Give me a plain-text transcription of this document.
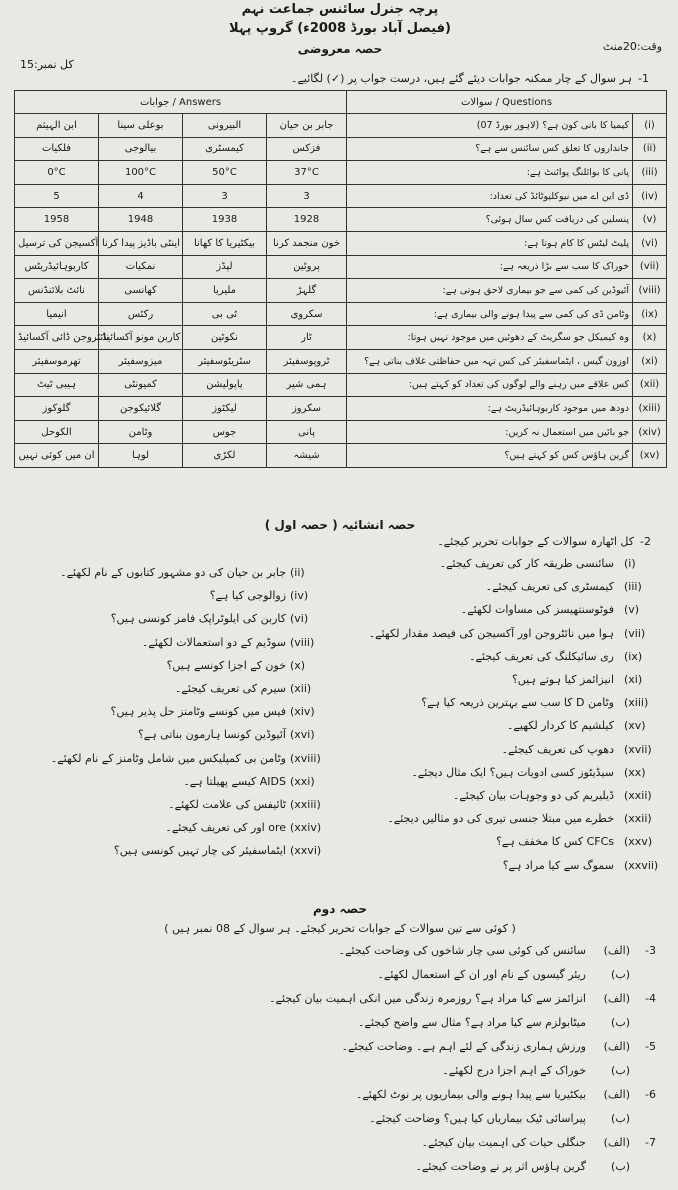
پرچہ جنرل سائنس جماعت نہم
(فیصل آباد بورڈ 2008ء) گروپ پہلا
حصہ معروضی	وقت:20منٹ
کل نمبر:15
-1
ہر سوال کے چار ممکنہ جوابات دیئے گئے ہیں، درست جواب پر (✓) لگائیے۔
جوابات / Answers				سوالات / Questions	
ابن الہیثم	بوعلی سینا	البیرونی	جابر بن حیان	کیمیا کا بانی کون ہے؟ (لاہور بورڈ 07)	(i)
فلکیات	بیالوجی	کیمسٹری	فزکس	جانداروں کا تعلق کس سائنس سے ہے؟	(ii)
0°C	100°C	50°C	37°C	پانی کا بوائلنگ پوائنٹ ہے:	(iii)
5	4	3	3	ڈی این اے میں نیوکلیوٹائڈ کی تعداد:	(iv)
1958	1948	1938	1928	پنسلین کی دریافت کس سال ہوئی؟	(v)
آکسیجن کی ترسیل	اینٹی باڈیز پیدا کرنا	بیکٹیریا کا کھانا	خون منجمد کرنا	پلیٹ لیٹس کا کام ہوتا ہے:	(vi)
کاربوہائیڈریٹس	نمکیات	لپڈز	پروٹین	خوراک کا سب سے بڑا ذریعہ ہے:	(vii)
نائٹ بلائنڈنس	کھانسی	ملیریا	گلہڑ	آئیوڈین کی کمی سے جو بیماری لاحق ہوتی ہے:	(viii)
انیمیا	رکٹس	ٹی بی	سکروی	وٹامن ڈی کی کمی سے پیدا ہونے والی بیماری ہے:	(ix)
نائٹروجن ڈائی آکسائیڈ	کاربن مونو آکسائیڈ	نکوٹین	ٹار	وہ کیمیکل جو سگریٹ کے دھوئیں میں موجود نہیں ہوتا:	(x)
تھرموسفیئر	میزوسفیئر	سٹریٹوسفیئر	ٹروپوسفیئر	اوزون گیس ، ایٹماسفیئر کی کس تہہ میں حفاظتی غلاف بناتی ہے؟	(xi)
ہیبی ٹیٹ	کمیونٹی	پاپولیشن	ہمی شیر	کس علاقے میں رہنے والے لوگوں کی تعداد کو کہتے ہیں:	(xii)
گلوکوز	گلائیکوجن	لیکٹوز	سکروز	دودھ میں موجود کاربوہائیڈریٹ ہے:	(xiii)
الکوحل	وٹامن	جوس	پانی	جو بائیں میں استعمال نہ کریں:	(xiv)
ان میں کوئی نہیں	لوہا	لکڑی	شیشہ	گرین ہاؤس کس کو کہتے ہیں؟	(xv)
حصہ انشائیہ ( حصہ اول )
-2
کل اٹھارہ سوالات کے جوابات تحریر کیجئے۔
(i)
سائنسی طریقہ کار کی تعریف کیجئے۔
(iii)
کیمسٹری کی تعریف کیجئے۔
(v)
فوٹوسنتھیسز کی مساوات لکھئے۔
(vii)
ہوا میں نائٹروجن اور آکسیجن کی فیصد مقدار لکھئے۔
(ix)
ری سائیکلنگ کی تعریف کیجئے۔
(xi)
انیزائمز کیا ہوتے ہیں؟
(xiii)
وٹامن D کا سب سے بہترین ذریعہ کیا ہے؟
(xv)
کیلشیم کا کردار لکھیے۔
(xvii)
دھوپ کی تعریف کیجئے۔
(xx)
سیڈیٹوز کسی ادویات ہیں؟ ایک مثال دیجئے۔
(xxii)
ڈیلیریم کی دو وجوہات بیان کیجئے۔
(xxii)
خطرے میں مبتلا جنسی تیری کی دو مثالیں دیجئے۔
(xxv)
CFCs کس کا مخفف ہے؟
(xxvii)
سموگ سے کیا مراد ہے؟
(ii)
جابر بن حیان کی دو مشہور کتابوں کے نام لکھئے۔
(iv)
زوالوجی کیا ہے؟
(vi)
کاربن کی ایلوٹراپک فامز کونسی ہیں؟
(viii)
سوڈیم کے دو استعمالات لکھئے۔
(x)
خون کے اجزا کونسے ہیں؟
(xii)
سیرم کی تعریف کیجئے۔
(xiv)
فیس میں کونسے وٹامنز حل پذیر ہیں؟
(xvi)
آئیوڈین کونسا ہارمون بناتی ہے؟
(xviii)
وٹامن بی کمپلیکس میں شامل وٹامنز کے نام لکھئے۔
(xxi)
AIDS کیسے پھیلتا ہے۔
(xxiii)
ٹائیفس کی علامت لکھئے۔
(xxiv)
ore اور کی تعریف کیجئے۔
(xxvi)
ایٹماسفیئر کی چار تہیں کونسی ہیں؟
حصہ دوم
( کوئی سے تین سوالات کے جوابات تحریر کیجئے۔ ہر سوال کے 08 نمبر ہیں )
-3
(الف)
سائنس کی کوئی سی چار شاخوں کی وضاحت کیجئے۔
(ب)
ریئر گیسوں کے نام اور ان کے استعمال لکھئے۔
-4
(الف)
انزائمز سے کیا مراد ہے؟ روزمرہ زندگی میں انکی اہمیت بیان کیجئے۔
(ب)
میٹابولزم سے کیا مراد ہے؟ مثال سے واضح کیجئے۔
-5
(الف)
ورزش ہماری زندگی کے لئے اہم ہے۔ وضاحت کیجئے۔
(ب)
خوراک کے اہم اجزا درج لکھئے۔
-6
(الف)
بیکٹیریا سے پیدا ہونے والی بیماریوں پر نوٹ لکھئے۔
(ب)
پیراسائی ٹیک بیماریاں کیا ہیں؟ وضاحت کیجئے۔
-7
(الف)
جنگلی حیات کی اہمیت بیان کیجئے۔
(ب)
گرین ہاؤس اثر پر نے وضاحت کیجئے۔
